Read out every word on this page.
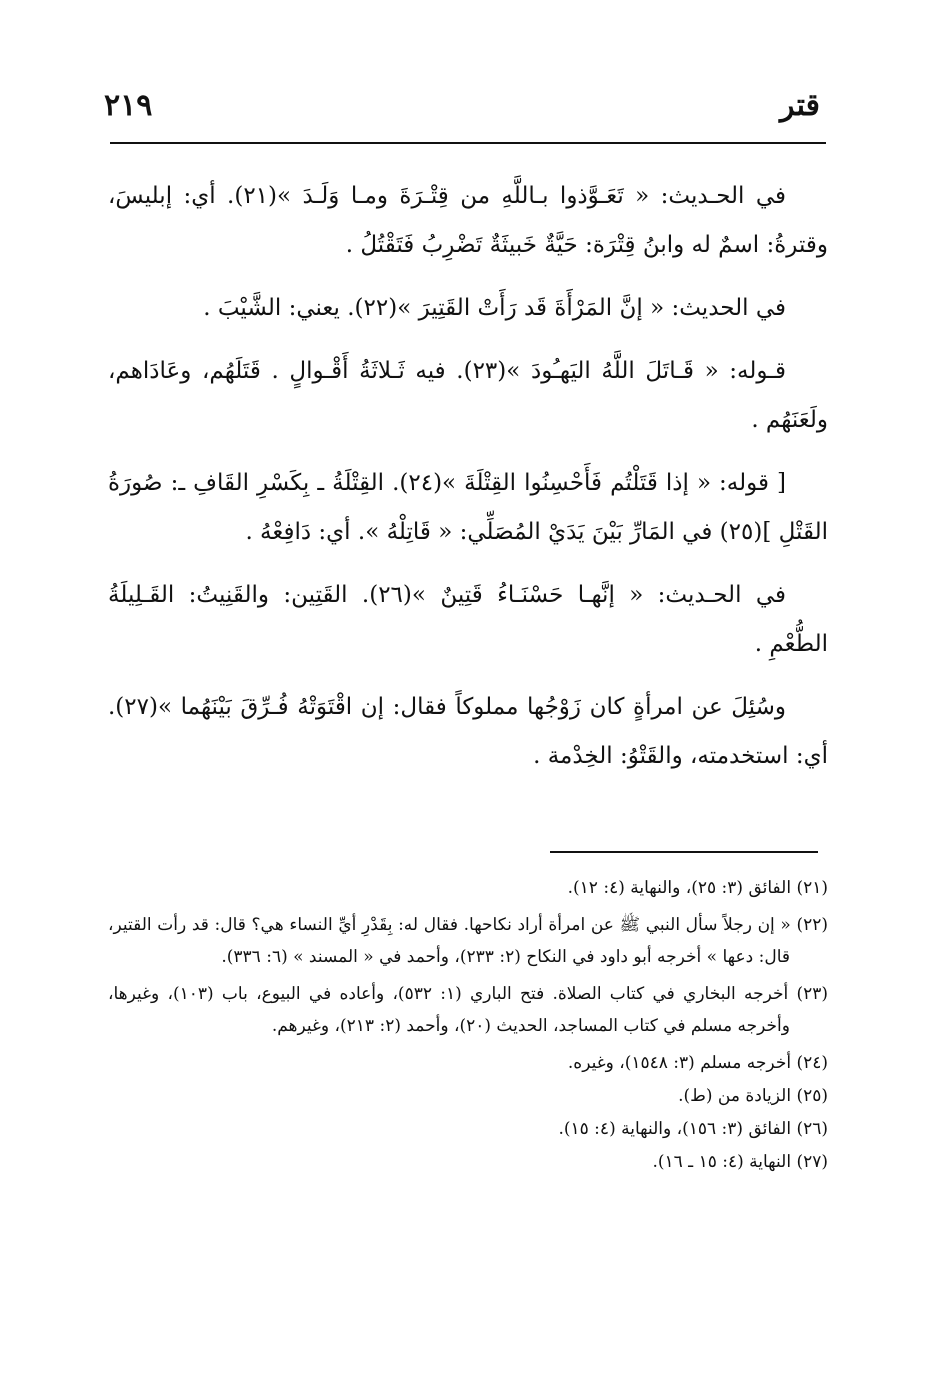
قتر
٢١٩

في الحـديث: « تَعَـوَّذوا بـاللَّهِ من قِتْـرَةَ ومـا وَلَـدَ »(٢١). أي: إبليسَ، وقترةُ: اسمٌ له وابنُ قِتْرَة: حَيَّةٌ خَبيثَةٌ تَضْرِبُ فَتَقْتُلُ .

في الحديث: « إنَّ المَرْأَةَ قَد رَأَتْ القَتِيرَ »(٢٢). يعني: الشَّيْبَ .

قـوله: « قَـاتَلَ اللَّهُ اليَهـُودَ »(٢٣). فيه ثَـلاثَةُ أَقْـوالٍ . قَتَلَهُم، وعَادَاهم، ولَعَنَهُم .

[ قوله: « إذا قَتَلْتُم فَأَحْسِنُوا القِتْلَةَ »(٢٤). القِتْلَةُ ـ بِكَسْرِ القَافِ ـ: صُورَةُ القَتْلِ ](٢٥) في المَارِّ بَيْنَ يَدَيْ المُصَلِّي: « قَاتِلْهُ ». أي: دَافِعْهُ .

في الحـديث: « إنَّهـا حَسْنَـاءُ قَتِينٌ »(٢٦). القَتِين: والقَنِيتُ: القَـلِيلَةُ الطُّعْمِ .

وسُئِلَ عن امرأةٍ كان زَوْجُها مملوكاً فقال: إن اقْتَوَتْهُ فُـرِّقَ بَيْنَهُما »(٢٧). أي: استخدمته، والقَتْوُ: الخِدْمة .

(٢١) الفائق (٣: ٢٥)، والنهاية (٤: ١٢).
(٢٢) « إن رجلاً سأل النبي ﷺ عن امرأة أراد نكاحها. فقال له: بِقَدْرِ أيِّ النساء هي؟ قال: قد رأت القتير، قال: دعها » أخرجه أبو داود في النكاح (٢: ٢٣٣)، وأحمد في « المسند » (٦: ٣٣٦).
(٢٣) أخرجه البخاري في كتاب الصلاة. فتح الباري (١: ٥٣٢)، وأعاده في البيوع، باب (١٠٣)، وغيرها، وأخرجه مسلم في كتاب المساجد، الحديث (٢٠)، وأحمد (٢: ٢١٣)، وغيرهم.
(٢٤) أخرجه مسلم (٣: ١٥٤٨)، وغيره.
(٢٥) الزيادة من (ط).
(٢٦) الفائق (٣: ١٥٦)، والنهاية (٤: ١٥).
(٢٧) النهاية (٤: ١٥ ـ ١٦).
